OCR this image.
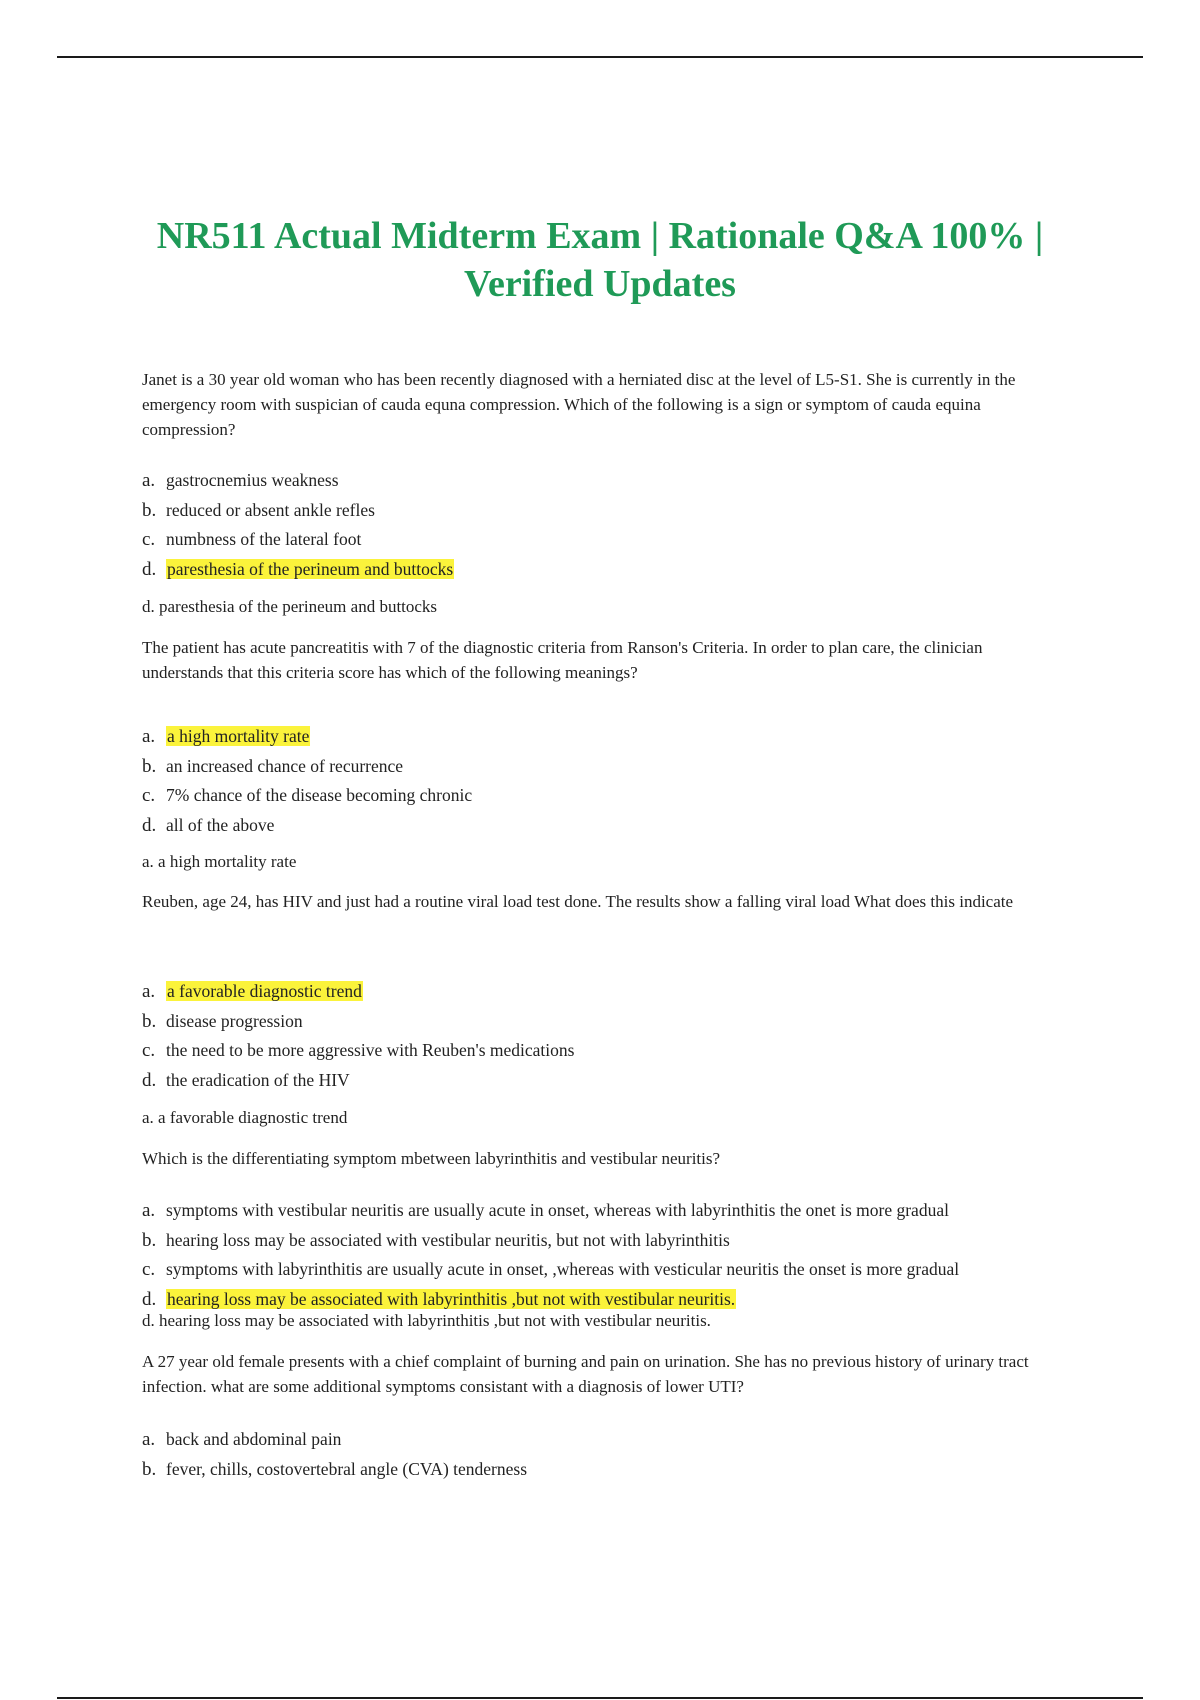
NR511 Actual Midterm Exam | Rationale Q&A 100% | Verified Updates

Janet is a 30 year old woman who has been recently diagnosed with a herniated disc at the level of L5-S1. She is currently in the emergency room with suspician of cauda equna compression. Which of the following is a sign or symptom of cauda equina compression?

a. gastrocnemius weakness
b. reduced or absent ankle refles
c. numbness of the lateral foot
d. paresthesia of the perineum and buttocks

d. paresthesia of the perineum and buttocks

The patient has acute pancreatitis with 7 of the diagnostic criteria from Ranson's Criteria. In order to plan care, the clinician understands that this criteria score has which of the following meanings?

a. a high mortality rate
b. an increased chance of recurrence
c. 7% chance of the disease becoming chronic
d. all of the above

a. a high mortality rate

Reuben, age 24, has HIV and just had a routine viral load test done. The results show a falling viral load What does this indicate

a. a favorable diagnostic trend
b. disease progression
c. the need to be more aggressive with Reuben's medications
d. the eradication of the HIV

a. a favorable diagnostic trend

Which is the differentiating symptom mbetween labyrinthitis and vestibular neuritis?

a. symptoms with vestibular neuritis are usually acute in onset, whereas with labyrinthitis the onet is more gradual
b. hearing loss may be associated with vestibular neuritis, but not with labyrinthitis
c. symptoms with labyrinthitis are usually acute in onset, ,whereas with vesticular neuritis the onset is more gradual
d. hearing loss may be associated with labyrinthitis ,but not with vestibular neuritis.

d. hearing loss may be associated with labyrinthitis ,but not with vestibular neuritis.

A 27 year old female presents with a chief complaint of burning and pain on urination. She has no previous history of urinary tract infection. what are some additional symptoms consistant with a diagnosis of lower UTI?

a. back and abdominal pain
b. fever, chills, costovertebral angle (CVA) tenderness
